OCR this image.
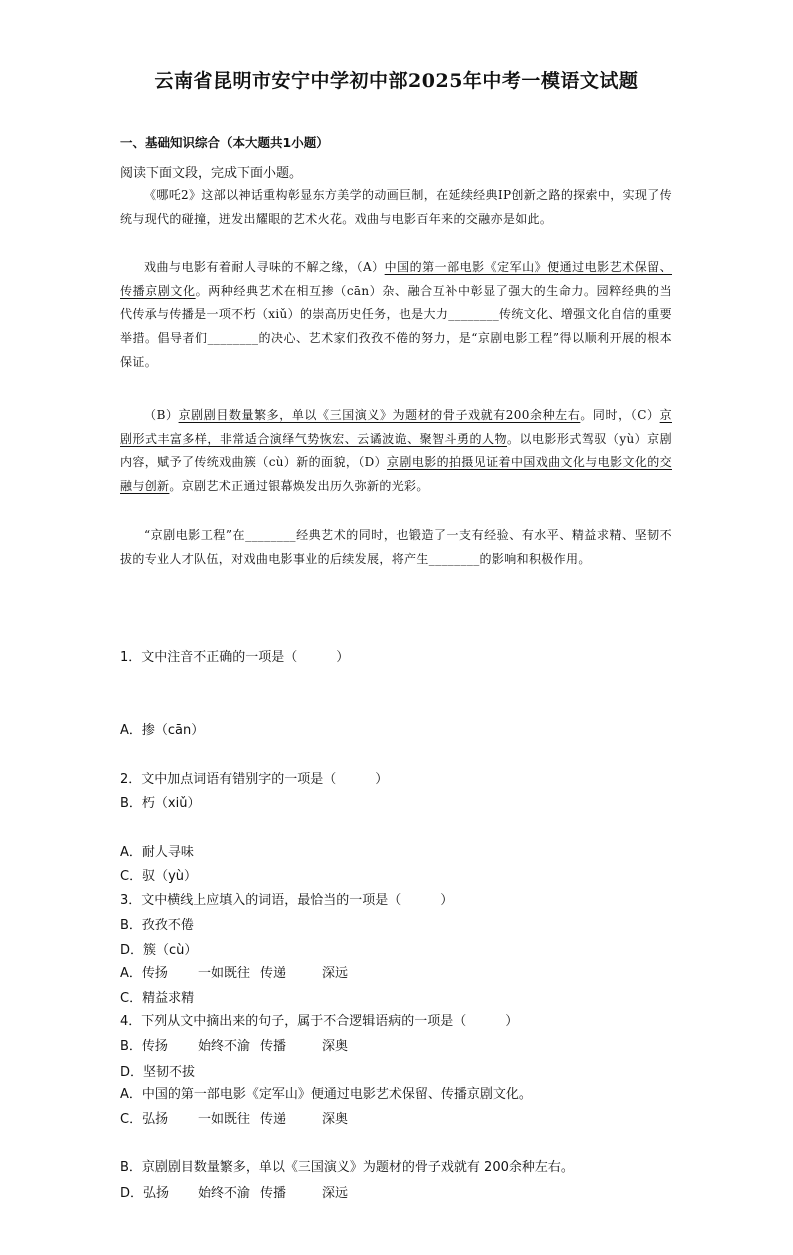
云南省昆明市安宁中学初中部2025年中考一模语文试题
一、基础知识综合（本大题共1小题）
阅读下面文段，完成下面小题。
《哪吒2》这部以神话重构彰显东方美学的动画巨制，在延续经典IP创新之路的探索中，实现了传统与现代的碰撞，迸发出耀眼的艺术火花。戏曲与电影百年来的交融亦是如此。
戏曲与电影有着耐人寻味的不解之缘，（A）中国的第一部电影《定军山》便通过电影艺术保留、传播京剧文化。两种经典艺术在相互掺（cān）杂、融合互补中彰显了强大的生命力。园粹经典的当代传承与传播是一项不朽（xiǔ）的崇高历史任务，也是大力________传统文化、增强文化自信的重要举措。倡导者们________的决心、艺术家们孜孜不倦的努力，是“京剧电影工程”得以顺利开展的根本保证。
（B）京剧剧目数量繁多，单以《三国演义》为题材的骨子戏就有200余种左右。同时，（C）京剧形式丰富多样，非常适合演绎气势恢宏、云谲波诡、聚智斗勇的人物。以电影形式驾驭（yù）京剧内容，赋予了传统戏曲簇（cù）新的面貌，（D）京剧电影的拍摄见证着中国戏曲文化与电影文化的交融与创新。京剧艺术正通过银幕焕发出历久弥新的光彩。
“京剧电影工程”在________经典艺术的同时，也锻造了一支有经验、有水平、精益求精、坚韧不拔的专业人才队伍，对戏曲电影事业的后续发展，将产生________的影响和积极作用。

1．文中注音不正确的一项是（　　　）

A．掺（cān）

B．朽（xiǔ）

C．驭（yù）

D．簇（cù）

2．文中加点词语有错别字的一项是（　　　）

A．耐人寻味

B．孜孜不倦

C．精益求精

D．坚韧不拔

3．文中横线上应填入的词语，最恰当的一项是（　　　）

A．传扬 一如既往 传递	深远

B．传扬 始终不渝 传播	深奥

C．弘扬 一如既往 传递	深奥

D．弘扬 始终不渝 传播	深远

4．下列从文中摘出来的句子，属于不合逻辑语病的一项是（　　　）

A．中国的第一部电影《定军山》便通过电影艺术保留、传播京剧文化。

B．京剧剧目数量繁多，单以《三国演义》为题材的骨子戏就有 200余种左右。
